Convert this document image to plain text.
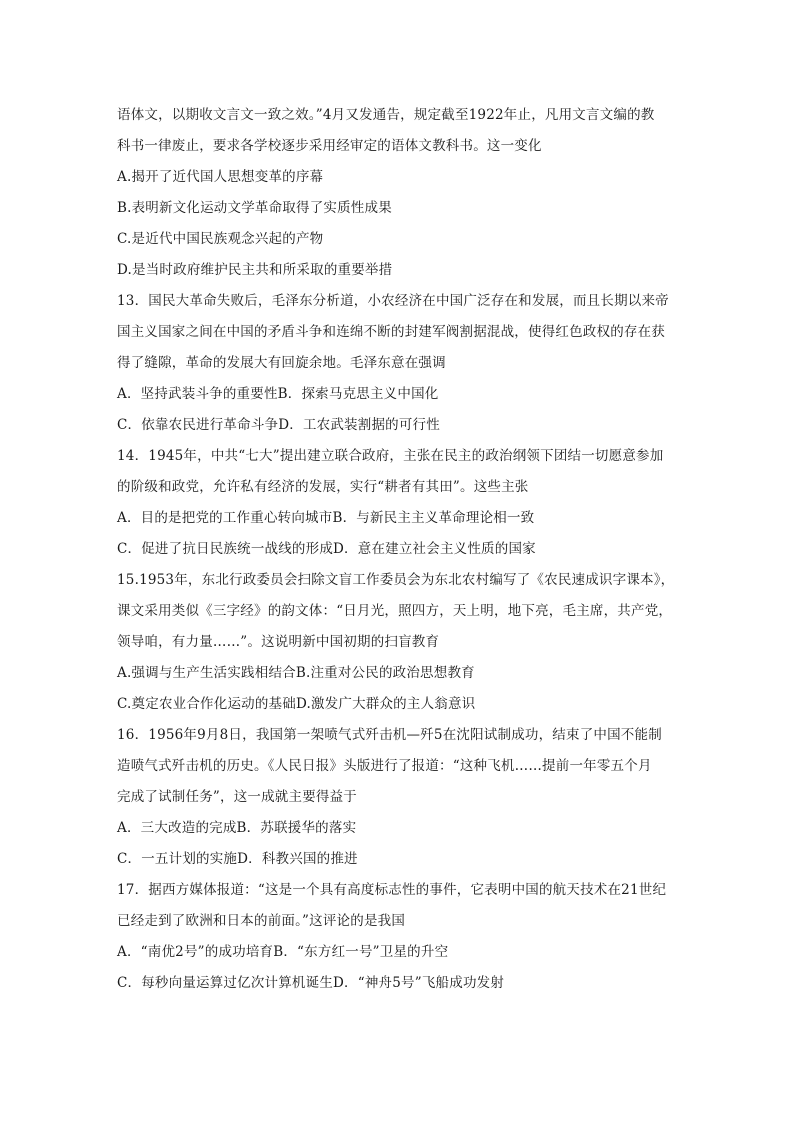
语体文，以期收文言文一致之效。”4月又发通告，规定截至1922年止，凡用文言文编的教
科书一律废止，要求各学校逐步采用经审定的语体文教科书。这一变化
A.揭开了近代国人思想变革的序幕
B.表明新文化运动文学革命取得了实质性成果
C.是近代中国民族观念兴起的产物
D.是当时政府维护民主共和所采取的重要举措
13．国民大革命失败后，毛泽东分析道，小农经济在中国广泛存在和发展，而且长期以来帝
国主义国家之间在中国的矛盾斗争和连绵不断的封建军阀割据混战，使得红色政权的存在获
得了缝隙，革命的发展大有回旋余地。毛泽东意在强调
A．坚持武装斗争的重要性B．探索马克思主义中国化
C．依靠农民进行革命斗争D．工农武装割据的可行性
14．1945年，中共“七大”提出建立联合政府，主张在民主的政治纲领下团结一切愿意参加
的阶级和政党，允许私有经济的发展，实行“耕者有其田”。这些主张
A．目的是把党的工作重心转向城市B．与新民主主义革命理论相一致
C．促进了抗日民族统一战线的形成D．意在建立社会主义性质的国家
15.1953年，东北行政委员会扫除文盲工作委员会为东北农村编写了《农民速成识字课本》，
课文采用类似《三字经》的韵文体：“日月光，照四方，天上明，地下亮，毛主席，共产党，
领导咱，有力量……”。这说明新中国初期的扫盲教育
A.强调与生产生活实践相结合B.注重对公民的政治思想教育
C.奠定农业合作化运动的基础D.激发广大群众的主人翁意识
16．1956年9月8日，我国第一架喷气式歼击机—歼5在沈阳试制成功，结束了中国不能制
造喷气式歼击机的历史。《人民日报》头版进行了报道：“这种飞机……提前一年零五个月
完成了试制任务”，这一成就主要得益于
A．三大改造的完成B．苏联援华的落实
C．一五计划的实施D．科教兴国的推进
17．据西方媒体报道：“这是一个具有高度标志性的事件，它表明中国的航天技术在21世纪
已经走到了欧洲和日本的前面。”这评论的是我国
A．“南优2号”的成功培育B．“东方红一号”卫星的升空
C．每秒向量运算过亿次计算机诞生D．“神舟5号”飞船成功发射
